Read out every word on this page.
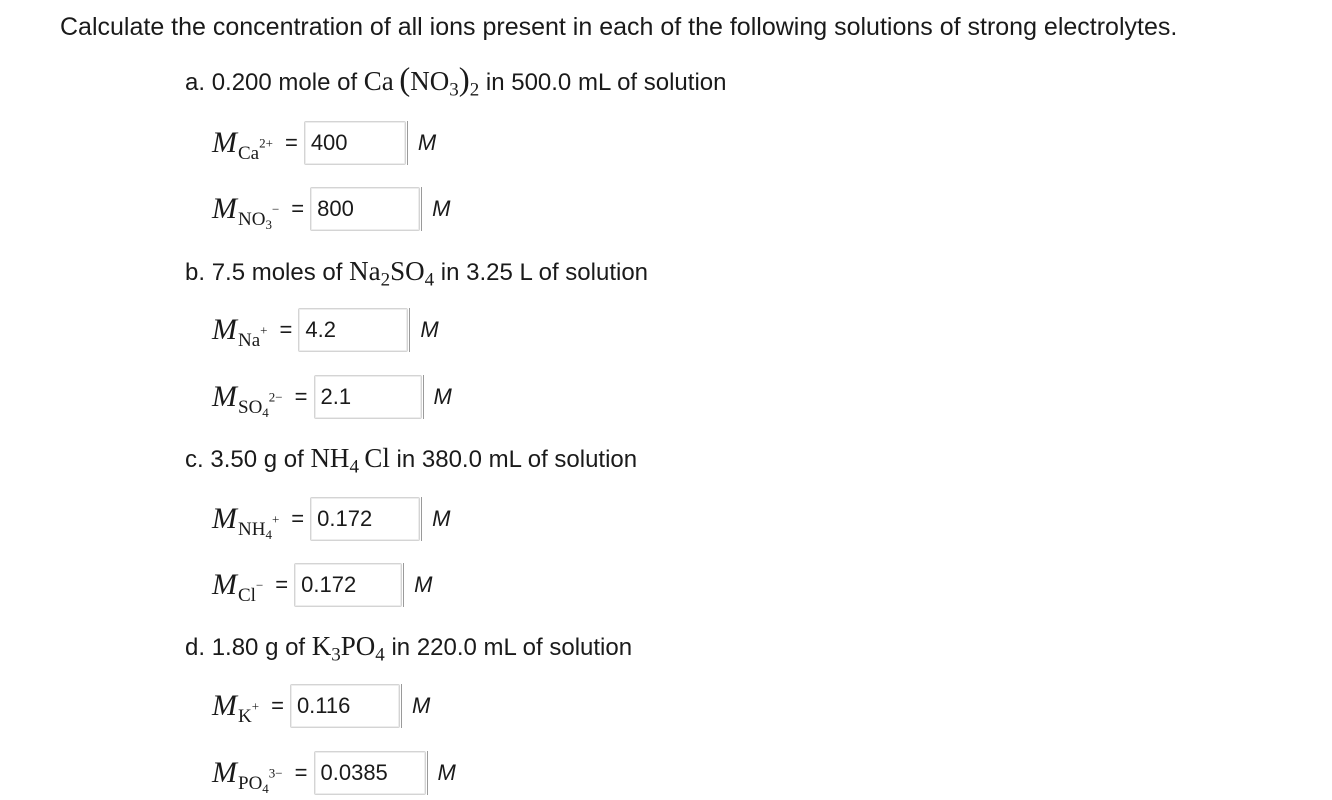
Calculate the concentration of all ions present in each of the following solutions of strong electrolytes.
a. 0.200 mole of Ca  $(NO_3)_2$ in 500.0 mL of solution
M $Ca^{2+} = 400$	M
M $NO_3^- = 800$	M
b. 7.5 moles of $Na_2SO_4$ in 3.25 L of solution
M Na+ = 4.2	M
M $SO_4^{2-} = 2.1$	M
c. 3.50 g of $NH_4$  Cl in 380.0 mL of solution
M $NH_4^+ = 0.172$	M
M Cl− = 0.172	M
d. 1.80 g of $K_3PO_4$ in 220.0 mL of solution
M K+ = 0.116	M
M $PO_4^{3-} = 0.0385$	M
